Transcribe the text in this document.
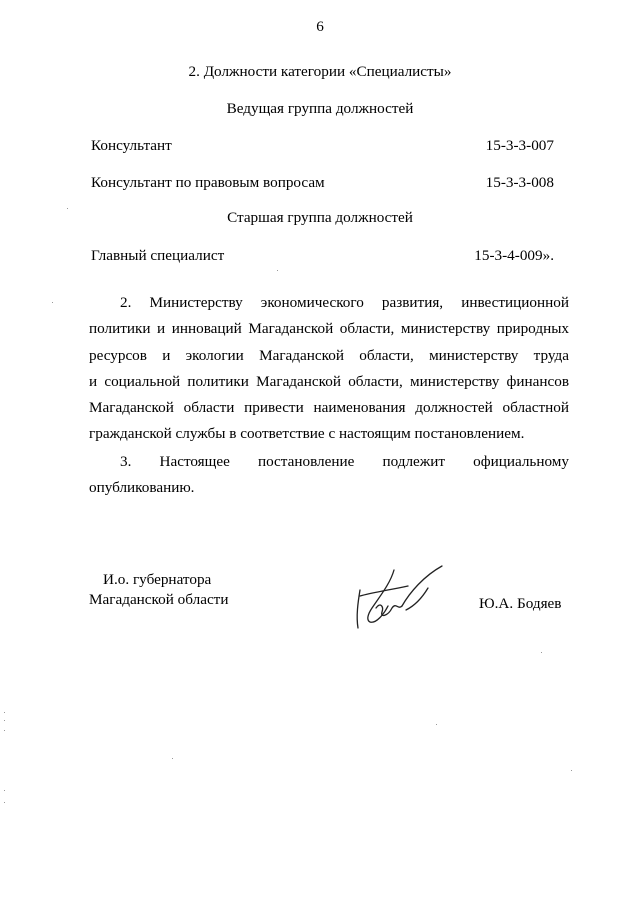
6
2. Должности категории «Специалисты»
Ведущая группа должностей
Консультант	15-3-3-007
Консультант по правовым вопросам	15-3-3-008
Старшая группа должностей
Главный специалист	15-3-4-009».

2. Министерству экономического развития, инвестиционной

политики и инноваций Магаданской области, министерству природных

ресурсов и экологии Магаданской области, министерству труда

и социальной политики Магаданской области, министерству финансов

Магаданской области привести наименования должностей областной

гражданской службы в соответствие с настоящим постановлением.

3. Настоящее постановление подлежит официальному

опубликованию.

И.о. губернатора
Магаданской области	Ю.А. Бодяев
